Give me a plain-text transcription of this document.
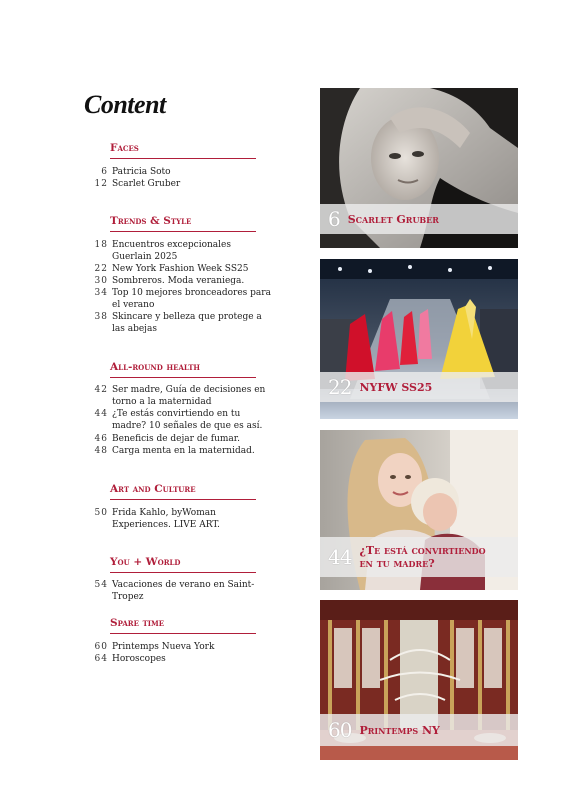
Content
Faces
6 Patricia Soto
12 Scarlet Gruber
Trends & Style
18 Encuentros excepcionales Guerlain 2025
22 New York Fashion Week SS25
30 Sombreros. Moda veraniega.
34 Top 10 mejores bronceadores para el verano
38 Skincare y belleza que protege a las abejas
All-round health
42 Ser madre, Guía de decisiones en torno a la maternidad
44 ¿Te estás convirtiendo en tu madre? 10 señales de que es así.
46 Beneficis de dejar de fumar.
48 Carga menta en la maternidad.
Art and Culture
50 Frida Kahlo, byWoman Experiences. LIVE ART.
You + World
54 Vacaciones de verano en Saint-Tropez
Spare time
60 Printemps Nueva York
64 Horoscopes
6 Scarlet Gruber
22 NYFW SS25
44 ¿Te está convirtiendo en tu madre?
60 Printemps NY
